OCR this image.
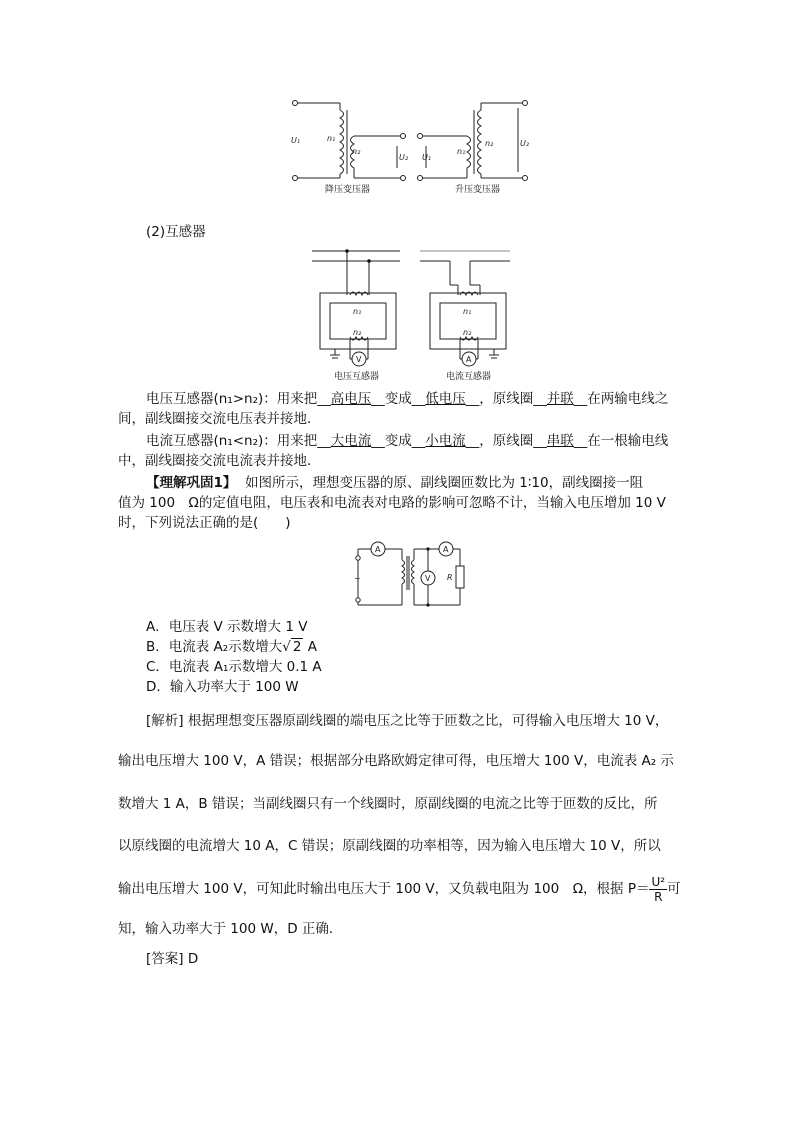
U₁	n₁
n₂
U₂ U₁
n₁
n₂	U₂
降压变压器	升压变压器
(2)互感器
n₁
n₂
n₁
n₂
V	A
电压互感器	电流互感器
电压互感器(n₁>n₂)：用来把__高电压__变成__低电压__，原线圈__并联__在两输电线之
间，副线圈接交流电压表并接地．
电流互感器(n₁<n₂)：用来把__大电流__变成__小电流__，原线圈__串联__在一根输电线
中，副线圈接交流电流表并接地．
【理解巩固1】 如图所示，理想变压器的原、副线圈匝数比为 1∶10，副线圈接一阻
值为 100　Ω的定值电阻，电压表和电流表对电路的影响可忽略不计，当输入电压增加 10 V
时，下列说法正确的是(　　)
A	A
V R
~
A．电压表 V 示数增大 1 V
B．电流表 A₂示数增大√ 2 A
C．电流表 A₁示数增大 0.1 A
D．输入功率大于 100 W
[解析] 根据理想变压器原副线圈的端电压之比等于匝数之比，可得输入电压增大 10 V，
输出电压增大 100 V，A 错误；根据部分电路欧姆定律可得，电压增大 100 V，电流表 A₂ 示
数增大 1 A，B 错误；当副线圈只有一个线圈时，原副线圈的电流之比等于匝数的反比，所
以原线圈的电流增大 10 A，C 错误；原副线圈的功率相等，因为输入电压增大 10 V，所以
输出电压增大 100 V，可知此时输出电压大于 100 V，又负载电阻为 100　Ω，根据 $P= \frac{\text{U²}}{R}$ 可
知，输入功率大于 100 W，D 正确．
[答案] D
